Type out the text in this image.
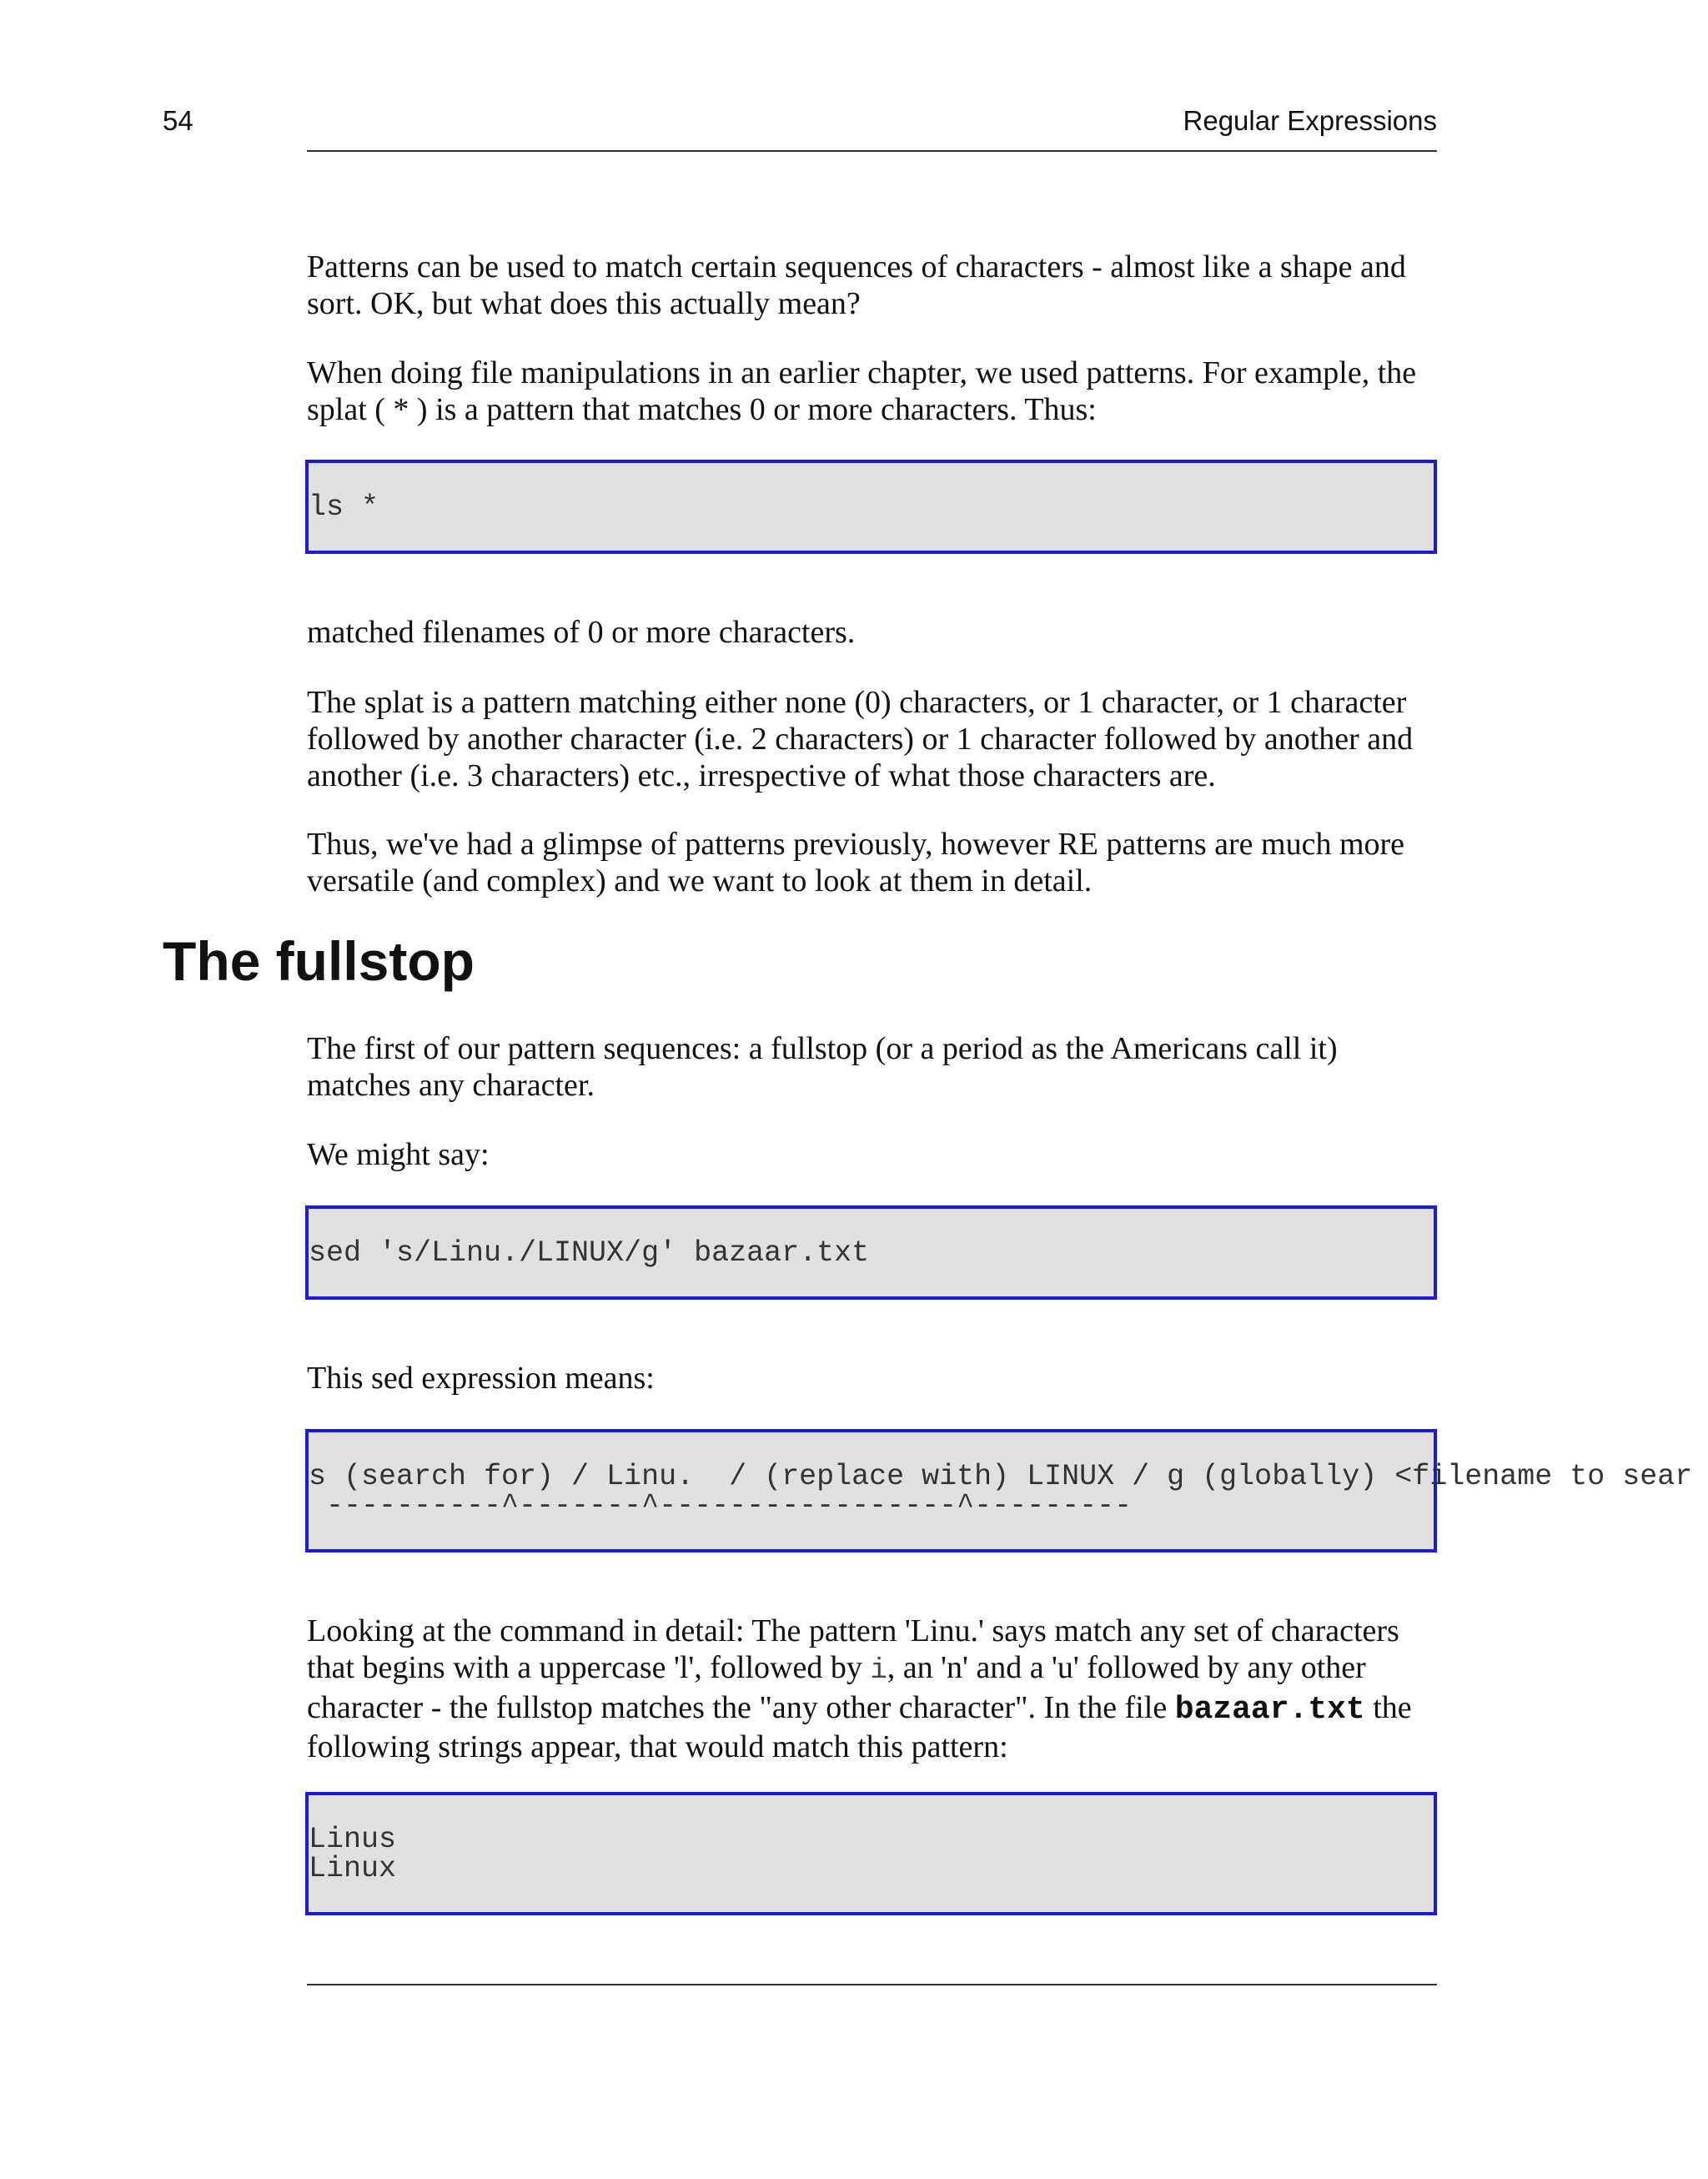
54	Regular Expressions

Patterns can be used to match certain sequences of characters - almost like a shape and sort. OK, but what does this actually mean?

When doing file manipulations in an earlier chapter, we used patterns. For example, the splat ( * ) is a pattern that matches 0 or more characters. Thus:

ls *

matched filenames of 0 or more characters.

The splat is a pattern matching either none (0) characters, or 1 character, or 1 character followed by another character (i.e. 2 characters) or 1 character followed by another and another (i.e. 3 characters) etc., irrespective of what those characters are.

Thus, we've had a glimpse of patterns previously, however RE patterns are much more versatile (and complex) and we want to look at them in detail.

The fullstop

The first of our pattern sequences: a fullstop (or a period as the Americans call it) matches any character.

We might say:

sed 's/Linu./LINUX/g' bazaar.txt

This sed expression means:

s (search for) / Linu.  / (replace with) LINUX / g (globally) <filename to sear
----------^-------^-----------------^---------

Looking at the command in detail: The pattern 'Linu.' says match any set of characters that begins with a uppercase 'l', followed by i, an 'n' and a 'u' followed by any other character - the fullstop matches the "any other character". In the file bazaar.txt the following strings appear, that would match this pattern:

Linus
Linux
